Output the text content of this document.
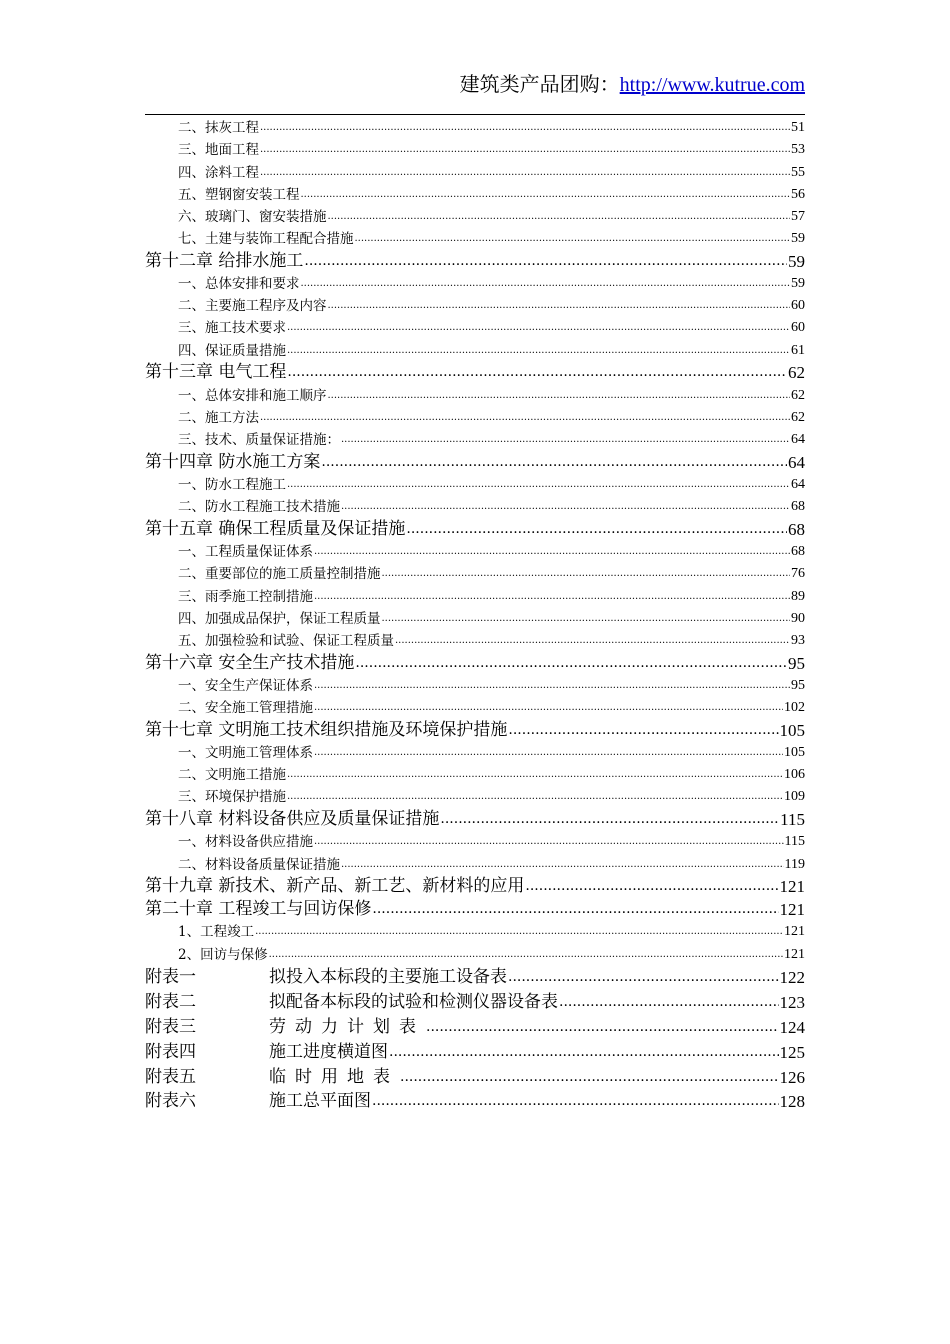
建筑类产品团购：http://www.kutrue.com
二、抹灰工程 .....	51
三、地面工程 .....	53
四、涂料工程 .....	55
五、塑钢窗安装工程 .....	56
六、玻璃门、窗安装措施 .....	57
七、土建与装饰工程配合措施 .....	59
第十二章 给排水施工 .....	59
一、总体安排和要求 .....	59
二、主要施工程序及内容 .....	60
三、施工技术要求 .....	60
四、保证质量措施 .....	61
第十三章 电气工程 .....	62
一、总体安排和施工顺序 .....	62
二、施工方法 .....	62
三、技术、质量保证措施： .....	64
第十四章 防水施工方案 .....	64
一、防水工程施工 .....	64
二、防水工程施工技术措施 .....	68
第十五章 确保工程质量及保证措施 .....	68
一、工程质量保证体系 .....	68
二、重要部位的施工质量控制措施 .....	76
三、雨季施工控制措施 .....	89
四、加强成品保护，保证工程质量 .....	90
五、加强检验和试验、保证工程质量 .....	93
第十六章 安全生产技术措施 .....	95
一、安全生产保证体系 .....	95
二、安全施工管理措施 .....	102
第十七章 文明施工技术组织措施及环境保护措施 .....	105
一、文明施工管理体系 .....	105
二、文明施工措施 .....	106
三、环境保护措施 .....	109
第十八章 材料设备供应及质量保证措施 .....	115
一、材料设备供应措施 .....	115
二、材料设备质量保证措施 .....	119
第十九章 新技术、新产品、新工艺、新材料的应用 .....	121
第二十章 工程竣工与回访保修 .....	121
1、工程竣工 .....	121
2、回访与保修 .....	121
附表一	拟投入本标段的主要施工设备表 .....	122
附表二	拟配备本标段的试验和检测仪器设备表 .....	123
附表三	劳动力计划表 .....	124
附表四	施工进度横道图 .....	125
附表五	临时用地表 .....	126
附表六	施工总平面图 .....	128
